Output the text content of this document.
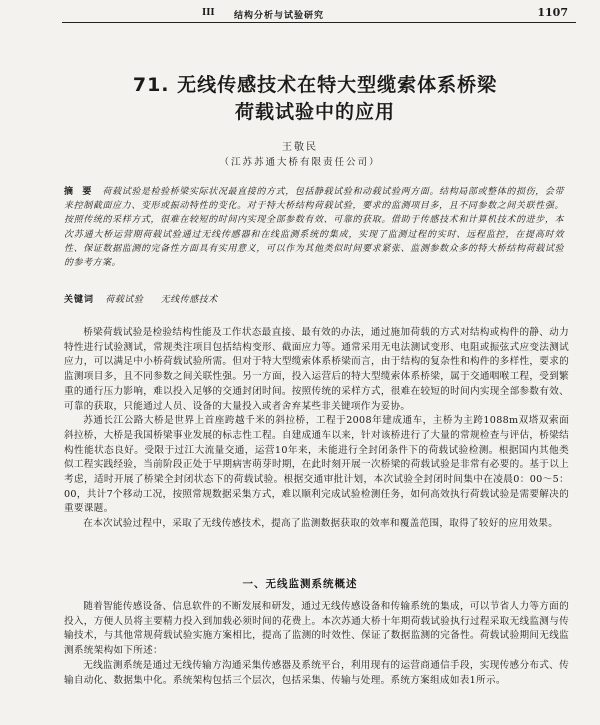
III 结构分析与试验研究	1107
71. 无线传感技术在特大型缆索体系桥梁
荷载试验中的应用
王敬民
（江苏苏通大桥有限责任公司）
摘 要 荷载试验是检验桥梁实际状况最直接的方式，包括静载试验和动载试验两方面。结构局部或整体的损伤，会带来控制截面应力、变形或振动特性的变化。对于特大桥结构荷载试验，要求的监测项目多，且不同参数之间关联性强。按照传统的采样方式，很难在较短的时间内实现全部参数有效、可靠的获取。借助于传感技术和计算机技术的进步，本次苏通大桥运营期荷载试验通过无线传感器和在线监测系统的集成，实现了监测过程的实时、远程监控，在提高时效性、保证数据监测的完备性方面具有实用意义，可以作为其他类似时间要求紧张、监测参数众多的特大桥结构荷载试验的参考方案。
关键词 荷载试验 无线传感技术

桥梁荷载试验是检验结构性能及工作状态最直接、最有效的办法，通过施加荷载的方式对结构或构件的静、动力特性进行试验测试，常规类注项目包括结构变形、截面应力等。通常采用无电法测试变形、电阻或振弦式应变法测试应力，可以满足中小桥荷载试验所需。但对于特大型缆索体系桥梁而言，由于结构的复杂性和构件的多样性，要求的监测项目多，且不同参数之间关联性强。另一方面，投入运营后的特大型缆索体系桥梁，属于交通咽喉工程，受到繁重的通行压力影响，难以投入足够的交通封闭时间。按照传统的采样方式，很难在较短的时间内实现全部参数有效、可靠的获取，只能通过人员、设备的大量投入或者舍弃某些非关键项作为妥协。

苏通长江公路大桥是世界上首座跨越千米的斜拉桥，工程于2008年建成通车，主桥为主跨1088m双塔双索面斜拉桥，大桥是我国桥梁事业发展的标志性工程。自建成通车以来，针对该桥进行了大量的常规检查与评估，桥梁结构性能状态良好。受限于过江大流量交通，运营10年来，未能进行全封闭条件下的荷载试验检测。根据国内其他类似工程实践经验，当前阶段正处于早期病害萌芽时期，在此时刻开展一次桥梁的荷载试验是非常有必要的。基于以上考虑，适时开展了桥梁全封闭状态下的荷载试验。根据交通审批计划，本次试验全封闭时间集中在凌晨0：00～5：00，共计7个移动工况，按照常规数据采集方式，难以顺利完成试验检测任务，如何高效执行荷载试验是需要解决的重要课题。

在本次试验过程中，采取了无线传感技术，提高了监测数据获取的效率和覆盖范围，取得了较好的应用效果。

一、无线监测系统概述

随着智能传感设备、信息软件的不断发展和研发，通过无线传感设备和传输系统的集成，可以节省人力等方面的投入，方便人员将主要精力投入到加载必须时间的花费上。本次苏通大桥十年期荷载试验执行过程采取无线监测与传输技术，与其他常规荷载试验实施方案相比，提高了监测的时效性、保证了数据监测的完备性。荷载试验期间无线监测系统架构如下所述：

无线监测系统是通过无线传输方沟通采集传感器及系统平台，利用现有的运营商通信手段，实现传感分布式、传输自动化、数据集中化。系统架构包括三个层次，包括采集、传输与处理。系统方案组成如表1所示。
